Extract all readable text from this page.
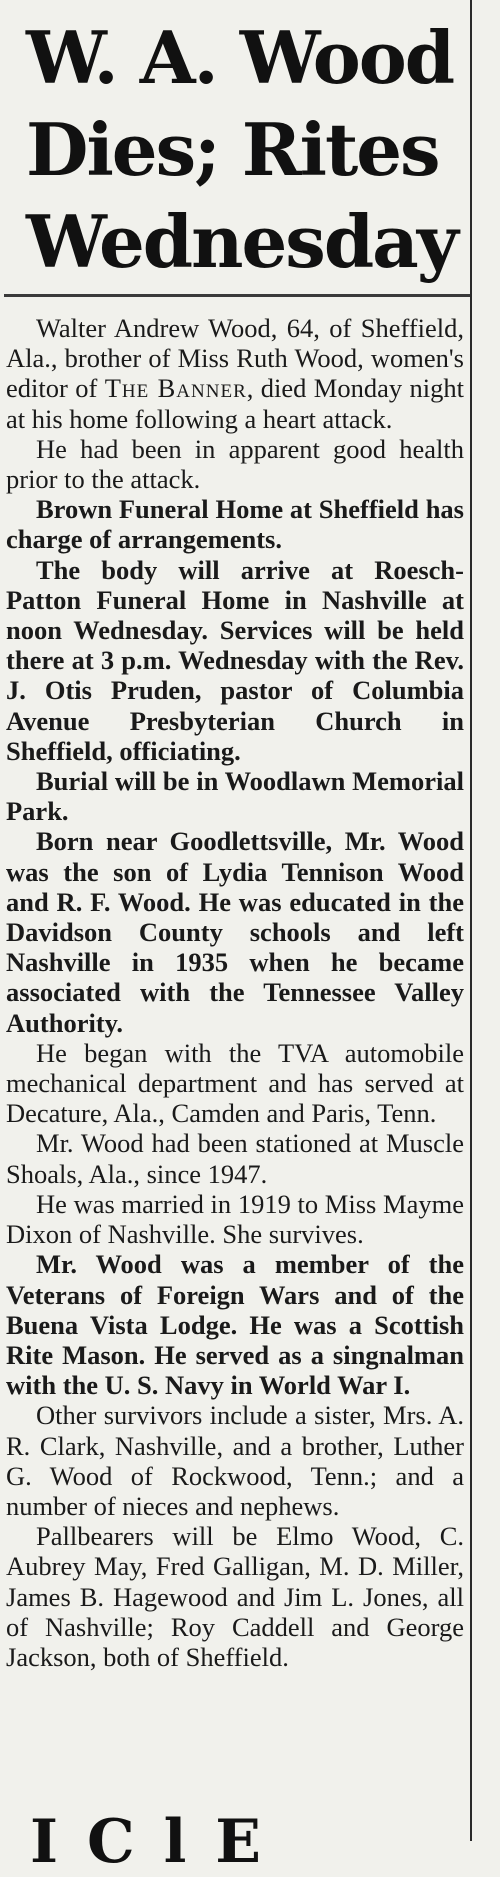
W. A. Wood
Dies; Rites
Wednesday

Walter Andrew Wood, 64, of Sheffield, Ala., brother of Miss Ruth Wood, women's editor of The Banner, died Monday night at his home following a heart attack.

He had been in apparent good health prior to the attack.

Brown Funeral Home at Sheffield has charge of arrangements.

The body will arrive at Roesch-Patton Funeral Home in Nashville at noon Wednesday. Services will be held there at 3 p.m. Wednesday with the Rev. J. Otis Pruden, pastor of Columbia Avenue Presbyterian Church in Sheffield, officiating.

Burial will be in Woodlawn Memorial Park.

Born near Goodlettsville, Mr. Wood was the son of Lydia Tennison Wood and R. F. Wood. He was educated in the Davidson County schools and left Nashville in 1935 when he became associated with the Tennessee Valley Authority.

He began with the TVA automobile mechanical department and has served at Decature, Ala., Camden and Paris, Tenn.

Mr. Wood had been stationed at Muscle Shoals, Ala., since 1947.

He was married in 1919 to Miss Mayme Dixon of Nashville. She survives.

Mr. Wood was a member of the Veterans of Foreign Wars and of the Buena Vista Lodge. He was a Scottish Rite Mason. He served as a singnalman with the U. S. Navy in World War I.

Other survivors include a sister, Mrs. A. R. Clark, Nashville, and a brother, Luther G. Wood of Rockwood, Tenn.; and a number of nieces and nephews.

Pallbearers will be Elmo Wood, C. Aubrey May, Fred Galligan, M. D. Miller, James B. Hagewood and Jim L. Jones, all of Nashville; Roy Caddell and George Jackson, both of Sheffield.

I C l E
